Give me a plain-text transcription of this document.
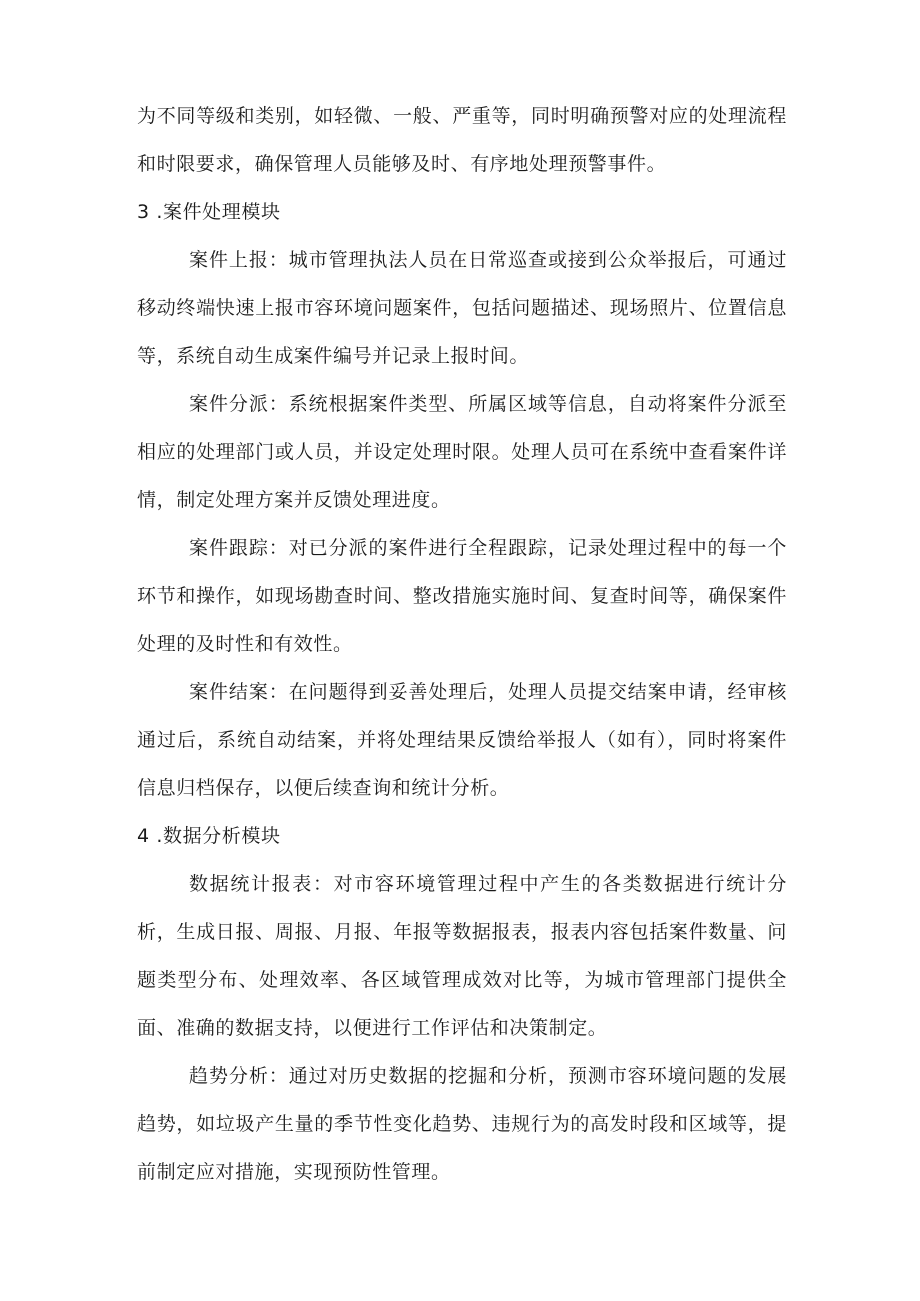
为不同等级和类别，如轻微、一般、严重等，同时明确预警对应的处理流程和时限要求，确保管理人员能够及时、有序地处理预警事件。

3 .案件处理模块

案件上报：城市管理执法人员在日常巡查或接到公众举报后，可通过移动终端快速上报市容环境问题案件，包括问题描述、现场照片、位置信息等，系统自动生成案件编号并记录上报时间。

案件分派：系统根据案件类型、所属区域等信息，自动将案件分派至相应的处理部门或人员，并设定处理时限。处理人员可在系统中查看案件详情，制定处理方案并反馈处理进度。

案件跟踪：对已分派的案件进行全程跟踪，记录处理过程中的每一个环节和操作，如现场勘查时间、整改措施实施时间、复查时间等，确保案件处理的及时性和有效性。

案件结案：在问题得到妥善处理后，处理人员提交结案申请，经审核通过后，系统自动结案，并将处理结果反馈给举报人（如有），同时将案件信息归档保存，以便后续查询和统计分析。

4 .数据分析模块

数据统计报表：对市容环境管理过程中产生的各类数据进行统计分析，生成日报、周报、月报、年报等数据报表，报表内容包括案件数量、问题类型分布、处理效率、各区域管理成效对比等，为城市管理部门提供全面、准确的数据支持，以便进行工作评估和决策制定。

趋势分析：通过对历史数据的挖掘和分析，预测市容环境问题的发展趋势，如垃圾产生量的季节性变化趋势、违规行为的高发时段和区域等，提前制定应对措施，实现预防性管理。
